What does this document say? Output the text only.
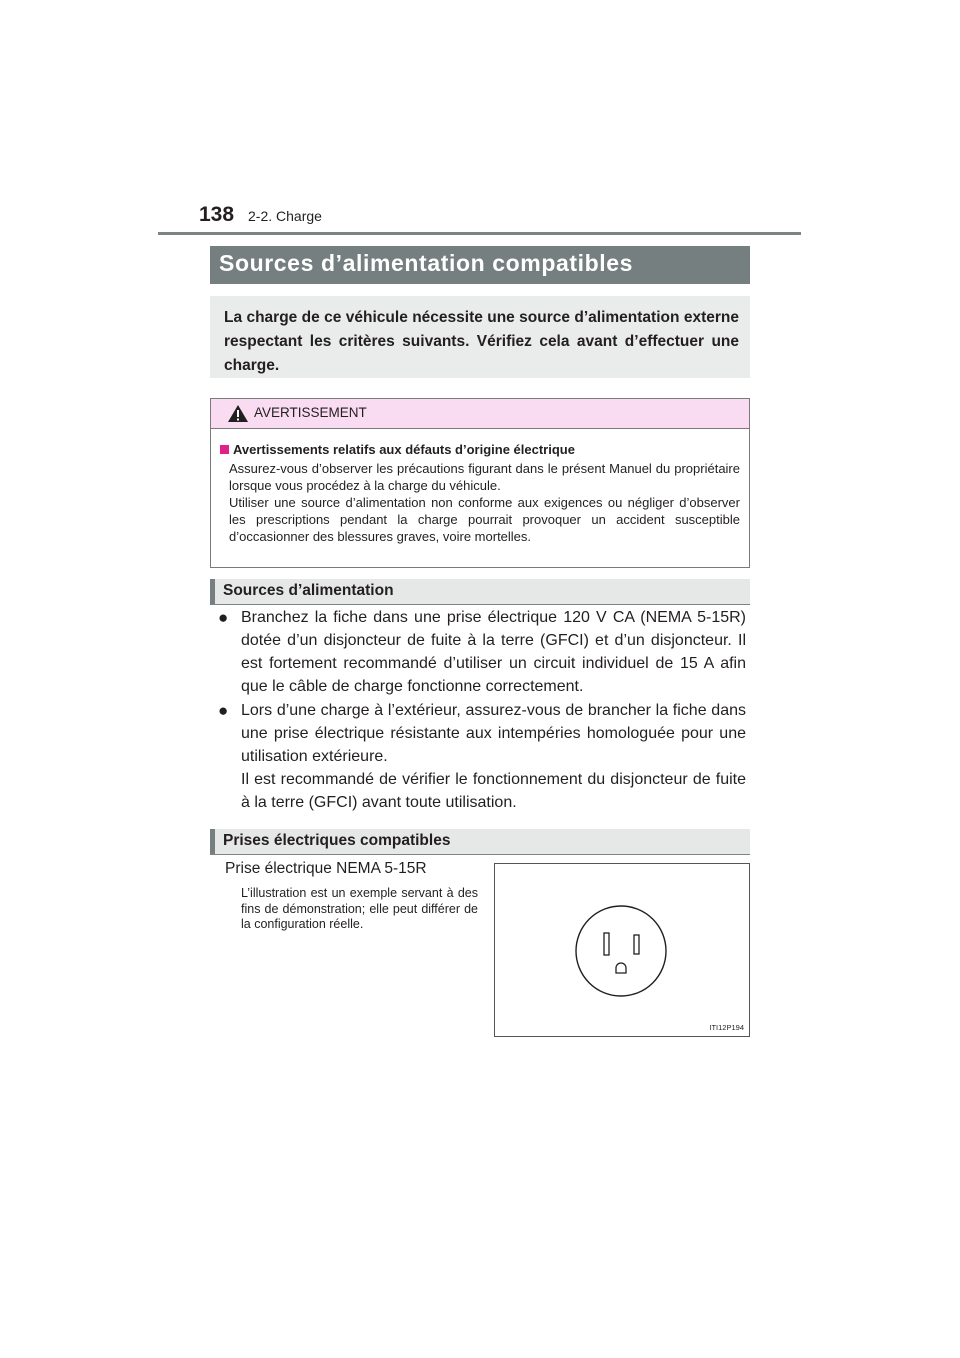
138 2-2. Charge
Sources d’alimentation compatibles

La charge de ce véhicule nécessite une source d’alimentation externe respectant les critères suivants. Vérifiez cela avant d’effectuer une charge.

AVERTISSEMENT

Avertissements relatifs aux défauts d’origine électrique

Assurez-vous d’observer les précautions figurant dans le présent Manuel du propriétaire lorsque vous procédez à la charge du véhicule.

Utiliser une source d’alimentation non conforme aux exigences ou négliger d’observer les prescriptions pendant la charge pourrait provoquer un accident susceptible d’occasionner des blessures graves, voire mortelles.

Sources d’alimentation
● Branchez la fiche dans une prise électrique 120 V CA (NEMA 5-15R) dotée d’un disjoncteur de fuite à la terre (GFCI) et d’un disjoncteur. Il est fortement recommandé d’utiliser un circuit individuel de 15 A afin que le câble de charge fonctionne correctement.

● Lors d’une charge à l’extérieur, assurez-vous de brancher la fiche dans une prise électrique résistante aux intempéries homologuée pour une utilisation extérieure.

Il est recommandé de vérifier le fonctionnement du disjoncteur de fuite à la terre (GFCI) avant toute utilisation.

Prises électriques compatibles
Prise électrique NEMA 5-15R
L’illustration est un exemple servant à des fins de démonstration; elle peut différer de la configuration réelle.
ITI12P194
